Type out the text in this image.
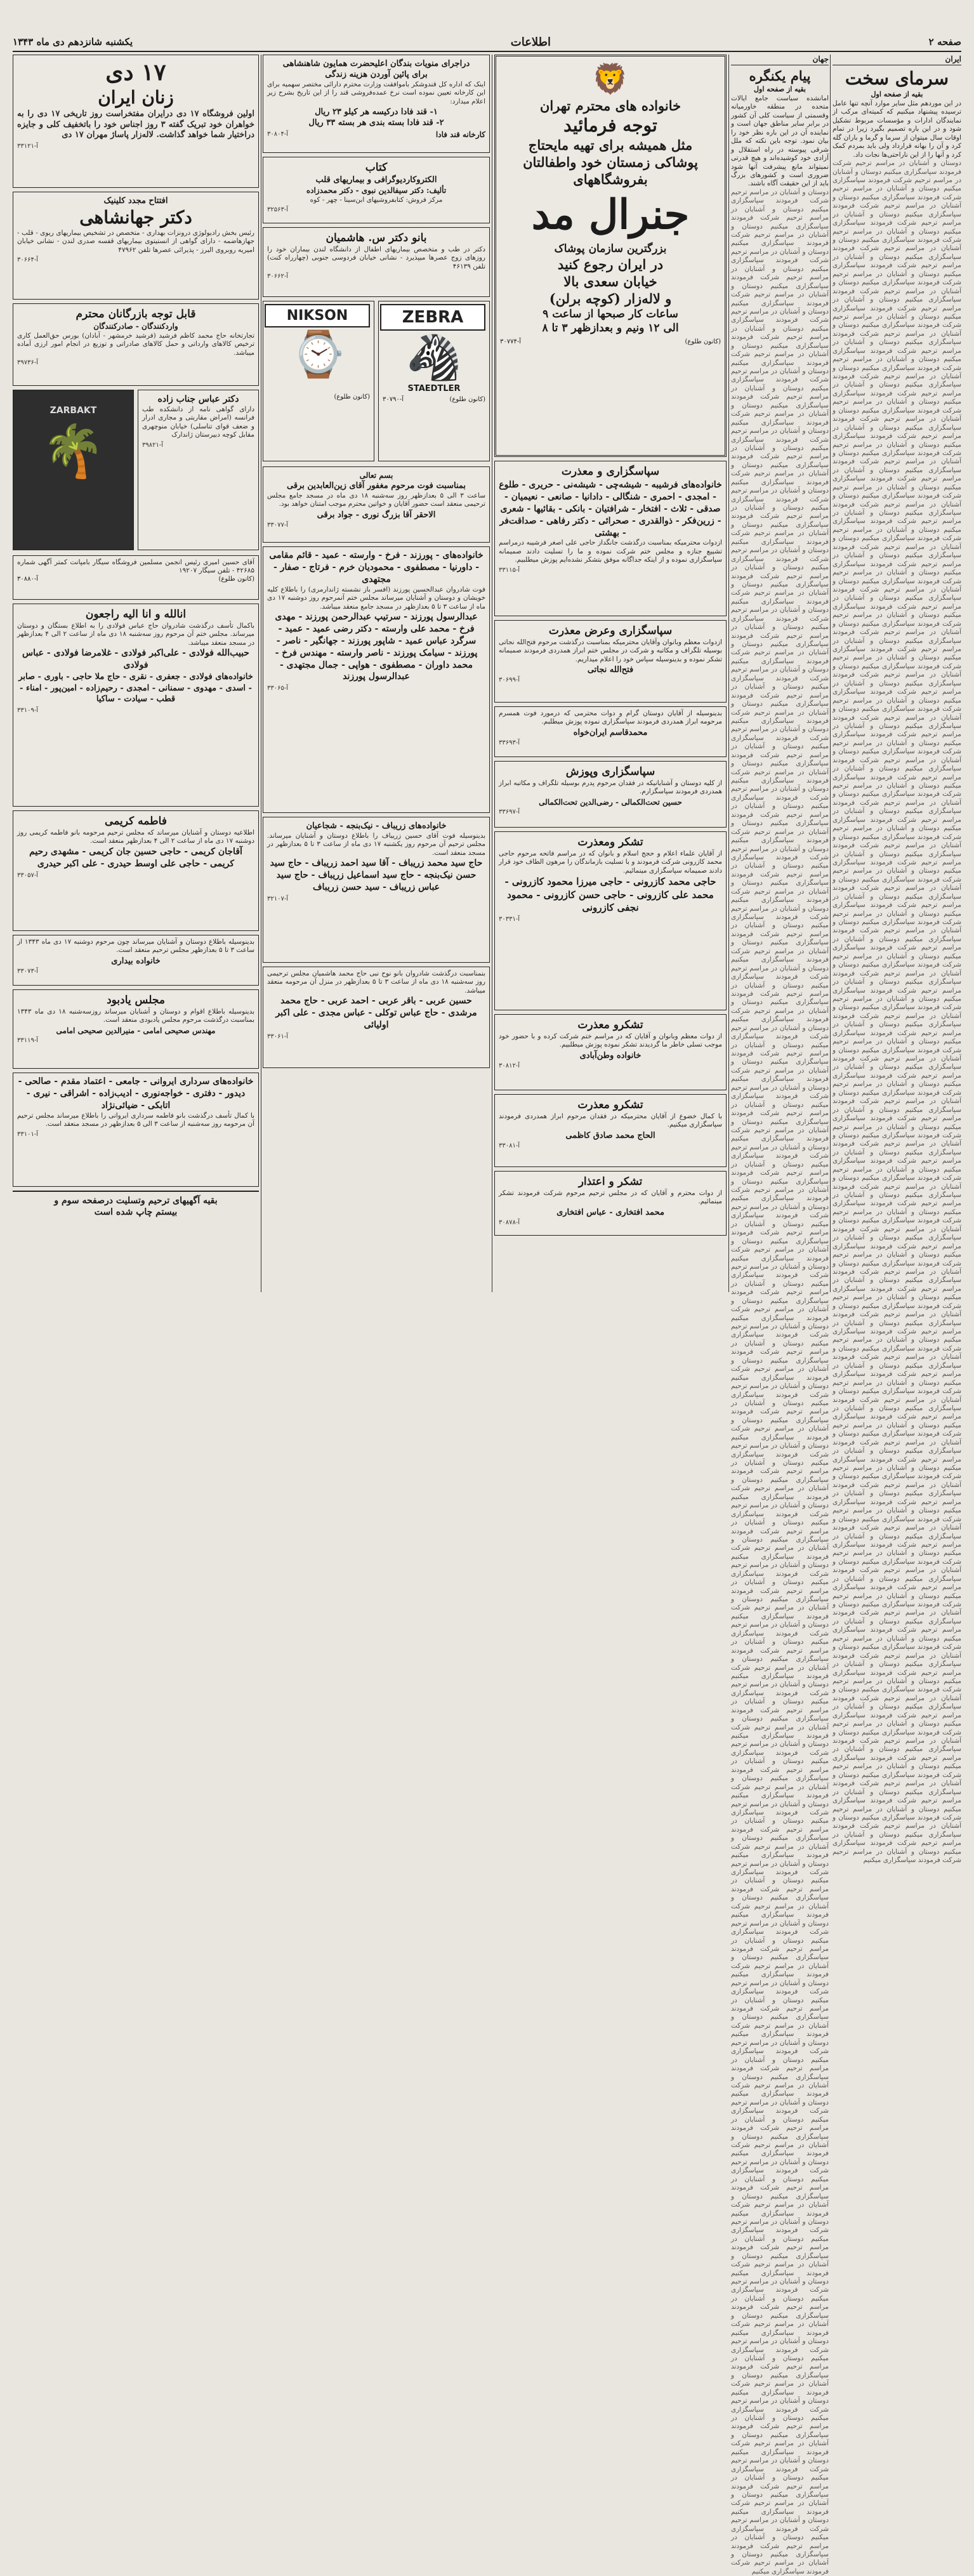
صفحه ۲
اطلاعات
یکشنبه شانزدهم دی ماه ۱۳۴۳
ایران
سرمای سخت
بقیه از صفحه اول
در این موردهم مثل سایر موارد آنچه تنها عامل ترسیده پیشنهاد میکنیم که کمیته‌ای مرکب از نمایندگان ادارات و مؤسسات مربوط تشکیل شود و در این باره تصمیم بگیرد زیرا در تمام اوقات سال میتوان از سرما و گرما و باران گله کرد و آن را بهانه قرارداد ولی باید بمردم کمک کرد و آنها را از این ناراحتی‌ها نجات داد.
دوستان و آشنایان در مراسم ترحیم شرکت فرمودند سپاسگزاری میکنیم دوستان و آشنایان در مراسم ترحیم شرکت فرمودند سپاسگزاری میکنیم دوستان و آشنایان در مراسم ترحیم شرکت فرمودند سپاسگزاری میکنیم دوستان و آشنایان در مراسم ترحیم شرکت فرمودند سپاسگزاری میکنیم دوستان و آشنایان در مراسم ترحیم شرکت فرمودند سپاسگزاری میکنیم دوستان و آشنایان در مراسم ترحیم شرکت فرمودند سپاسگزاری میکنیم دوستان و آشنایان در مراسم ترحیم شرکت فرمودند سپاسگزاری میکنیم دوستان و آشنایان در مراسم ترحیم شرکت فرمودند سپاسگزاری میکنیم دوستان و آشنایان در مراسم ترحیم شرکت فرمودند سپاسگزاری میکنیم دوستان و آشنایان در مراسم ترحیم شرکت فرمودند سپاسگزاری میکنیم دوستان و آشنایان در مراسم ترحیم شرکت فرمودند سپاسگزاری میکنیم دوستان و آشنایان در مراسم ترحیم شرکت فرمودند سپاسگزاری میکنیم دوستان و آشنایان در مراسم ترحیم شرکت فرمودند سپاسگزاری میکنیم دوستان و آشنایان در مراسم ترحیم شرکت فرمودند سپاسگزاری میکنیم دوستان و آشنایان در مراسم ترحیم شرکت فرمودند سپاسگزاری میکنیم دوستان و آشنایان در مراسم ترحیم شرکت فرمودند سپاسگزاری میکنیم دوستان و آشنایان در مراسم ترحیم شرکت فرمودند سپاسگزاری میکنیم دوستان و آشنایان در مراسم ترحیم شرکت فرمودند سپاسگزاری میکنیم دوستان و آشنایان در مراسم ترحیم شرکت فرمودند سپاسگزاری میکنیم دوستان و آشنایان در مراسم ترحیم شرکت فرمودند سپاسگزاری میکنیم دوستان و آشنایان در مراسم ترحیم شرکت فرمودند سپاسگزاری میکنیم دوستان و آشنایان در مراسم ترحیم شرکت فرمودند سپاسگزاری میکنیم دوستان و آشنایان در مراسم ترحیم شرکت فرمودند سپاسگزاری میکنیم دوستان و آشنایان در مراسم ترحیم شرکت فرمودند سپاسگزاری میکنیم دوستان و آشنایان در مراسم ترحیم شرکت فرمودند سپاسگزاری میکنیم دوستان و آشنایان در مراسم ترحیم شرکت فرمودند سپاسگزاری میکنیم دوستان و آشنایان در مراسم ترحیم شرکت فرمودند سپاسگزاری میکنیم دوستان و آشنایان در مراسم ترحیم شرکت فرمودند سپاسگزاری میکنیم دوستان و آشنایان در مراسم ترحیم شرکت فرمودند سپاسگزاری میکنیم دوستان و آشنایان در مراسم ترحیم شرکت فرمودند سپاسگزاری میکنیم دوستان و آشنایان در مراسم ترحیم شرکت فرمودند سپاسگزاری میکنیم دوستان و آشنایان در مراسم ترحیم شرکت فرمودند سپاسگزاری میکنیم دوستان و آشنایان در مراسم ترحیم شرکت فرمودند سپاسگزاری میکنیم دوستان و آشنایان در مراسم ترحیم شرکت فرمودند سپاسگزاری میکنیم دوستان و آشنایان در مراسم ترحیم شرکت فرمودند سپاسگزاری میکنیم دوستان و آشنایان در مراسم ترحیم شرکت فرمودند سپاسگزاری میکنیم دوستان و آشنایان در مراسم ترحیم شرکت فرمودند سپاسگزاری میکنیم دوستان و آشنایان در مراسم ترحیم شرکت فرمودند سپاسگزاری میکنیم دوستان و آشنایان در مراسم ترحیم شرکت فرمودند سپاسگزاری میکنیم دوستان و آشنایان در مراسم ترحیم شرکت فرمودند سپاسگزاری میکنیم دوستان و آشنایان در مراسم ترحیم شرکت فرمودند سپاسگزاری میکنیم دوستان و آشنایان در مراسم ترحیم شرکت فرمودند سپاسگزاری میکنیم دوستان و آشنایان در مراسم ترحیم شرکت فرمودند سپاسگزاری میکنیم دوستان و آشنایان در مراسم ترحیم شرکت فرمودند سپاسگزاری میکنیم دوستان و آشنایان در مراسم ترحیم شرکت فرمودند سپاسگزاری میکنیم دوستان و آشنایان در مراسم ترحیم شرکت فرمودند سپاسگزاری میکنیم دوستان و آشنایان در مراسم ترحیم شرکت فرمودند سپاسگزاری میکنیم دوستان و آشنایان در مراسم ترحیم شرکت فرمودند سپاسگزاری میکنیم دوستان و آشنایان در مراسم ترحیم شرکت فرمودند سپاسگزاری میکنیم دوستان و آشنایان در مراسم ترحیم شرکت فرمودند سپاسگزاری میکنیم دوستان و آشنایان در مراسم ترحیم شرکت فرمودند سپاسگزاری میکنیم دوستان و آشنایان در مراسم ترحیم شرکت فرمودند سپاسگزاری میکنیم دوستان و آشنایان در مراسم ترحیم شرکت فرمودند سپاسگزاری میکنیم دوستان و آشنایان در مراسم ترحیم شرکت فرمودند سپاسگزاری میکنیم دوستان و آشنایان در مراسم ترحیم شرکت فرمودند سپاسگزاری میکنیم دوستان و آشنایان در مراسم ترحیم شرکت فرمودند سپاسگزاری میکنیم دوستان و آشنایان در مراسم ترحیم شرکت فرمودند سپاسگزاری میکنیم دوستان و آشنایان در مراسم ترحیم شرکت فرمودند سپاسگزاری میکنیم دوستان و آشنایان در مراسم ترحیم شرکت فرمودند سپاسگزاری میکنیم دوستان و آشنایان در مراسم ترحیم شرکت فرمودند سپاسگزاری میکنیم دوستان و آشنایان در مراسم ترحیم شرکت فرمودند سپاسگزاری میکنیم دوستان و آشنایان در مراسم ترحیم شرکت فرمودند سپاسگزاری میکنیم دوستان و آشنایان در مراسم ترحیم شرکت فرمودند سپاسگزاری میکنیم دوستان و آشنایان در مراسم ترحیم شرکت فرمودند سپاسگزاری میکنیم دوستان و آشنایان در مراسم ترحیم شرکت فرمودند سپاسگزاری میکنیم دوستان و آشنایان در مراسم ترحیم شرکت فرمودند سپاسگزاری میکنیم دوستان و آشنایان در مراسم ترحیم شرکت فرمودند سپاسگزاری میکنیم دوستان و آشنایان در مراسم ترحیم شرکت فرمودند سپاسگزاری میکنیم دوستان و آشنایان در مراسم ترحیم شرکت فرمودند سپاسگزاری میکنیم دوستان و آشنایان در مراسم ترحیم شرکت فرمودند سپاسگزاری میکنیم دوستان و آشنایان در مراسم ترحیم شرکت فرمودند سپاسگزاری میکنیم دوستان و آشنایان در مراسم ترحیم شرکت فرمودند سپاسگزاری میکنیم دوستان و آشنایان در مراسم ترحیم شرکت فرمودند سپاسگزاری میکنیم دوستان و آشنایان در مراسم ترحیم شرکت فرمودند سپاسگزاری میکنیم دوستان و آشنایان در مراسم ترحیم شرکت فرمودند سپاسگزاری میکنیم دوستان و آشنایان در مراسم ترحیم شرکت فرمودند سپاسگزاری میکنیم دوستان و آشنایان در مراسم ترحیم شرکت فرمودند سپاسگزاری میکنیم دوستان و آشنایان در مراسم ترحیم شرکت فرمودند سپاسگزاری میکنیم دوستان و آشنایان در مراسم ترحیم شرکت فرمودند سپاسگزاری میکنیم دوستان و آشنایان در مراسم ترحیم شرکت فرمودند سپاسگزاری میکنیم دوستان و آشنایان در مراسم ترحیم شرکت فرمودند سپاسگزاری میکنیم دوستان و آشنایان در مراسم ترحیم شرکت فرمودند سپاسگزاری میکنیم دوستان و آشنایان در مراسم ترحیم شرکت فرمودند سپاسگزاری میکنیم دوستان و آشنایان در مراسم ترحیم شرکت فرمودند سپاسگزاری میکنیم دوستان و آشنایان در مراسم ترحیم شرکت فرمودند سپاسگزاری میکنیم دوستان و آشنایان در مراسم ترحیم شرکت فرمودند سپاسگزاری میکنیم دوستان و آشنایان در مراسم ترحیم شرکت فرمودند سپاسگزاری میکنیم دوستان و آشنایان در مراسم ترحیم شرکت فرمودند سپاسگزاری میکنیم دوستان و آشنایان در مراسم ترحیم شرکت فرمودند سپاسگزاری میکنیم دوستان و آشنایان در مراسم ترحیم شرکت فرمودند سپاسگزاری میکنیم دوستان و آشنایان در مراسم ترحیم شرکت فرمودند سپاسگزاری میکنیم دوستان و آشنایان در مراسم ترحیم شرکت فرمودند سپاسگزاری میکنیم دوستان و آشنایان در مراسم ترحیم شرکت فرمودند سپاسگزاری میکنیم دوستان و آشنایان در مراسم ترحیم شرکت فرمودند سپاسگزاری میکنیم دوستان و آشنایان در مراسم ترحیم شرکت فرمودند سپاسگزاری میکنیم دوستان و آشنایان در مراسم ترحیم شرکت فرمودند سپاسگزاری میکنیم دوستان و آشنایان در مراسم ترحیم شرکت فرمودند سپاسگزاری میکنیم دوستان و آشنایان در مراسم ترحیم شرکت فرمودند سپاسگزاری میکنیم دوستان و آشنایان در مراسم ترحیم شرکت فرمودند سپاسگزاری میکنیم دوستان و آشنایان در مراسم ترحیم شرکت فرمودند سپاسگزاری میکنیم دوستان و آشنایان در مراسم ترحیم شرکت فرمودند سپاسگزاری میکنیم دوستان و آشنایان در مراسم ترحیم شرکت فرمودند سپاسگزاری میکنیم دوستان و آشنایان در مراسم ترحیم شرکت فرمودند سپاسگزاری میکنیم دوستان و آشنایان در مراسم ترحیم شرکت فرمودند سپاسگزاری میکنیم دوستان و آشنایان در مراسم ترحیم شرکت فرمودند سپاسگزاری میکنیم دوستان و آشنایان در مراسم ترحیم شرکت فرمودند سپاسگزاری میکنیم دوستان و آشنایان در مراسم ترحیم شرکت فرمودند سپاسگزاری میکنیم دوستان و آشنایان در مراسم ترحیم شرکت فرمودند سپاسگزاری میکنیم دوستان و آشنایان در مراسم ترحیم شرکت فرمودند سپاسگزاری میکنیم دوستان و آشنایان در مراسم ترحیم شرکت فرمودند سپاسگزاری میکنیم دوستان و آشنایان در مراسم ترحیم شرکت فرمودند سپاسگزاری میکنیم دوستان و آشنایان در مراسم ترحیم شرکت فرمودند سپاسگزاری میکنیم دوستان و آشنایان در مراسم ترحیم شرکت فرمودند سپاسگزاری میکنیم دوستان و آشنایان در مراسم ترحیم شرکت فرمودند سپاسگزاری میکنیم دوستان و آشنایان در مراسم ترحیم شرکت فرمودند سپاسگزاری میکنیم دوستان و آشنایان در مراسم ترحیم شرکت فرمودند سپاسگزاری میکنیم دوستان و آشنایان در مراسم ترحیم شرکت فرمودند سپاسگزاری میکنیم دوستان و آشنایان در مراسم ترحیم شرکت فرمودند سپاسگزاری میکنیم دوستان و آشنایان در مراسم ترحیم شرکت فرمودند سپاسگزاری میکنیم دوستان و آشنایان در مراسم ترحیم شرکت فرمودند سپاسگزاری میکنیم
جهان
پیام یکنگره
بقیه از صفحه اول
امانشده سیاست جامع ایالات متحده در منطقه خاورمیانه وقسمتی از سیاست کلی آن کشور در برابر سایر مناطق جهان است و نماینده آن در این باره نظر خود را بیان نمود. توجه باین نکته که ملل شرقی پیوسته در راه استقلال و آزادی خود کوشیده‌اند و هیچ قدرتی نمیتواند مانع پیشرفت آنها شود ضروری است و کشورهای بزرگ باید از این حقیقت آگاه باشند.
دوستان و آشنایان در مراسم ترحیم شرکت فرمودند سپاسگزاری میکنیم دوستان و آشنایان در مراسم ترحیم شرکت فرمودند سپاسگزاری میکنیم دوستان و آشنایان در مراسم ترحیم شرکت فرمودند سپاسگزاری میکنیم دوستان و آشنایان در مراسم ترحیم شرکت فرمودند سپاسگزاری میکنیم دوستان و آشنایان در مراسم ترحیم شرکت فرمودند سپاسگزاری میکنیم دوستان و آشنایان در مراسم ترحیم شرکت فرمودند سپاسگزاری میکنیم دوستان و آشنایان در مراسم ترحیم شرکت فرمودند سپاسگزاری میکنیم دوستان و آشنایان در مراسم ترحیم شرکت فرمودند سپاسگزاری میکنیم دوستان و آشنایان در مراسم ترحیم شرکت فرمودند سپاسگزاری میکنیم دوستان و آشنایان در مراسم ترحیم شرکت فرمودند سپاسگزاری میکنیم دوستان و آشنایان در مراسم ترحیم شرکت فرمودند سپاسگزاری میکنیم دوستان و آشنایان در مراسم ترحیم شرکت فرمودند سپاسگزاری میکنیم دوستان و آشنایان در مراسم ترحیم شرکت فرمودند سپاسگزاری میکنیم دوستان و آشنایان در مراسم ترحیم شرکت فرمودند سپاسگزاری میکنیم دوستان و آشنایان در مراسم ترحیم شرکت فرمودند سپاسگزاری میکنیم دوستان و آشنایان در مراسم ترحیم شرکت فرمودند سپاسگزاری میکنیم دوستان و آشنایان در مراسم ترحیم شرکت فرمودند سپاسگزاری میکنیم دوستان و آشنایان در مراسم ترحیم شرکت فرمودند سپاسگزاری میکنیم دوستان و آشنایان در مراسم ترحیم شرکت فرمودند سپاسگزاری میکنیم دوستان و آشنایان در مراسم ترحیم شرکت فرمودند سپاسگزاری میکنیم دوستان و آشنایان در مراسم ترحیم شرکت فرمودند سپاسگزاری میکنیم دوستان و آشنایان در مراسم ترحیم شرکت فرمودند سپاسگزاری میکنیم دوستان و آشنایان در مراسم ترحیم شرکت فرمودند سپاسگزاری میکنیم دوستان و آشنایان در مراسم ترحیم شرکت فرمودند سپاسگزاری میکنیم دوستان و آشنایان در مراسم ترحیم شرکت فرمودند سپاسگزاری میکنیم دوستان و آشنایان در مراسم ترحیم شرکت فرمودند سپاسگزاری میکنیم دوستان و آشنایان در مراسم ترحیم شرکت فرمودند سپاسگزاری میکنیم دوستان و آشنایان در مراسم ترحیم شرکت فرمودند سپاسگزاری میکنیم دوستان و آشنایان در مراسم ترحیم شرکت فرمودند سپاسگزاری میکنیم دوستان و آشنایان در مراسم ترحیم شرکت فرمودند سپاسگزاری میکنیم دوستان و آشنایان در مراسم ترحیم شرکت فرمودند سپاسگزاری میکنیم دوستان و آشنایان در مراسم ترحیم شرکت فرمودند سپاسگزاری میکنیم دوستان و آشنایان در مراسم ترحیم شرکت فرمودند سپاسگزاری میکنیم دوستان و آشنایان در مراسم ترحیم شرکت فرمودند سپاسگزاری میکنیم دوستان و آشنایان در مراسم ترحیم شرکت فرمودند سپاسگزاری میکنیم دوستان و آشنایان در مراسم ترحیم شرکت فرمودند سپاسگزاری میکنیم دوستان و آشنایان در مراسم ترحیم شرکت فرمودند سپاسگزاری میکنیم دوستان و آشنایان در مراسم ترحیم شرکت فرمودند سپاسگزاری میکنیم دوستان و آشنایان در مراسم ترحیم شرکت فرمودند سپاسگزاری میکنیم دوستان و آشنایان در مراسم ترحیم شرکت فرمودند سپاسگزاری میکنیم دوستان و آشنایان در مراسم ترحیم شرکت فرمودند سپاسگزاری میکنیم دوستان و آشنایان در مراسم ترحیم شرکت فرمودند سپاسگزاری میکنیم دوستان و آشنایان در مراسم ترحیم شرکت فرمودند سپاسگزاری میکنیم دوستان و آشنایان در مراسم ترحیم شرکت فرمودند سپاسگزاری میکنیم دوستان و آشنایان در مراسم ترحیم شرکت فرمودند سپاسگزاری میکنیم دوستان و آشنایان در مراسم ترحیم شرکت فرمودند سپاسگزاری میکنیم دوستان و آشنایان در مراسم ترحیم شرکت فرمودند سپاسگزاری میکنیم دوستان و آشنایان در مراسم ترحیم شرکت فرمودند سپاسگزاری میکنیم دوستان و آشنایان در مراسم ترحیم شرکت فرمودند سپاسگزاری میکنیم دوستان و آشنایان در مراسم ترحیم شرکت فرمودند سپاسگزاری میکنیم دوستان و آشنایان در مراسم ترحیم شرکت فرمودند سپاسگزاری میکنیم دوستان و آشنایان در مراسم ترحیم شرکت فرمودند سپاسگزاری میکنیم دوستان و آشنایان در مراسم ترحیم شرکت فرمودند سپاسگزاری میکنیم دوستان و آشنایان در مراسم ترحیم شرکت فرمودند سپاسگزاری میکنیم دوستان و آشنایان در مراسم ترحیم شرکت فرمودند سپاسگزاری میکنیم دوستان و آشنایان در مراسم ترحیم شرکت فرمودند سپاسگزاری میکنیم دوستان و آشنایان در مراسم ترحیم شرکت فرمودند سپاسگزاری میکنیم دوستان و آشنایان در مراسم ترحیم شرکت فرمودند سپاسگزاری میکنیم دوستان و آشنایان در مراسم ترحیم شرکت فرمودند سپاسگزاری میکنیم دوستان و آشنایان در مراسم ترحیم شرکت فرمودند سپاسگزاری میکنیم دوستان و آشنایان در مراسم ترحیم شرکت فرمودند سپاسگزاری میکنیم دوستان و آشنایان در مراسم ترحیم شرکت فرمودند سپاسگزاری میکنیم دوستان و آشنایان در مراسم ترحیم شرکت فرمودند سپاسگزاری میکنیم دوستان و آشنایان در مراسم ترحیم شرکت فرمودند سپاسگزاری میکنیم دوستان و آشنایان در مراسم ترحیم شرکت فرمودند سپاسگزاری میکنیم دوستان و آشنایان در مراسم ترحیم شرکت فرمودند سپاسگزاری میکنیم دوستان و آشنایان در مراسم ترحیم شرکت فرمودند سپاسگزاری میکنیم دوستان و آشنایان در مراسم ترحیم شرکت فرمودند سپاسگزاری میکنیم دوستان و آشنایان در مراسم ترحیم شرکت فرمودند سپاسگزاری میکنیم دوستان و آشنایان در مراسم ترحیم شرکت فرمودند سپاسگزاری میکنیم دوستان و آشنایان در مراسم ترحیم شرکت فرمودند سپاسگزاری میکنیم دوستان و آشنایان در مراسم ترحیم شرکت فرمودند سپاسگزاری میکنیم دوستان و آشنایان در مراسم ترحیم شرکت فرمودند سپاسگزاری میکنیم دوستان و آشنایان در مراسم ترحیم شرکت فرمودند سپاسگزاری میکنیم دوستان و آشنایان در مراسم ترحیم شرکت فرمودند سپاسگزاری میکنیم دوستان و آشنایان در مراسم ترحیم شرکت فرمودند سپاسگزاری میکنیم دوستان و آشنایان در مراسم ترحیم شرکت فرمودند سپاسگزاری میکنیم دوستان و آشنایان در مراسم ترحیم شرکت فرمودند سپاسگزاری میکنیم دوستان و آشنایان در مراسم ترحیم شرکت فرمودند سپاسگزاری میکنیم دوستان و آشنایان در مراسم ترحیم شرکت فرمودند سپاسگزاری میکنیم دوستان و آشنایان در مراسم ترحیم شرکت فرمودند سپاسگزاری میکنیم دوستان و آشنایان در مراسم ترحیم شرکت فرمودند سپاسگزاری میکنیم دوستان و آشنایان در مراسم ترحیم شرکت فرمودند سپاسگزاری میکنیم دوستان و آشنایان در مراسم ترحیم شرکت فرمودند سپاسگزاری میکنیم دوستان و آشنایان در مراسم ترحیم شرکت فرمودند سپاسگزاری میکنیم دوستان و آشنایان در مراسم ترحیم شرکت فرمودند سپاسگزاری میکنیم دوستان و آشنایان در مراسم ترحیم شرکت فرمودند سپاسگزاری میکنیم دوستان و آشنایان در مراسم ترحیم شرکت فرمودند سپاسگزاری میکنیم دوستان و آشنایان در مراسم ترحیم شرکت فرمودند سپاسگزاری میکنیم دوستان و آشنایان در مراسم ترحیم شرکت فرمودند سپاسگزاری میکنیم دوستان و آشنایان در مراسم ترحیم شرکت فرمودند سپاسگزاری میکنیم دوستان و آشنایان در مراسم ترحیم شرکت فرمودند سپاسگزاری میکنیم دوستان و آشنایان در مراسم ترحیم شرکت فرمودند سپاسگزاری میکنیم دوستان و آشنایان در مراسم ترحیم شرکت فرمودند سپاسگزاری میکنیم دوستان و آشنایان در مراسم ترحیم شرکت فرمودند سپاسگزاری میکنیم دوستان و آشنایان در مراسم ترحیم شرکت فرمودند سپاسگزاری میکنیم دوستان و آشنایان در مراسم ترحیم شرکت فرمودند سپاسگزاری میکنیم دوستان و آشنایان در مراسم ترحیم شرکت فرمودند سپاسگزاری میکنیم دوستان و آشنایان در مراسم ترحیم شرکت فرمودند سپاسگزاری میکنیم دوستان و آشنایان در مراسم ترحیم شرکت فرمودند سپاسگزاری میکنیم دوستان و آشنایان در مراسم ترحیم شرکت فرمودند سپاسگزاری میکنیم دوستان و آشنایان در مراسم ترحیم شرکت فرمودند سپاسگزاری میکنیم دوستان و آشنایان در مراسم ترحیم شرکت فرمودند سپاسگزاری میکنیم دوستان و آشنایان در مراسم ترحیم شرکت فرمودند سپاسگزاری میکنیم دوستان و آشنایان در مراسم ترحیم شرکت فرمودند سپاسگزاری میکنیم دوستان و آشنایان در مراسم ترحیم شرکت فرمودند سپاسگزاری میکنیم دوستان و آشنایان در مراسم ترحیم شرکت فرمودند سپاسگزاری میکنیم دوستان و آشنایان در مراسم ترحیم شرکت فرمودند سپاسگزاری میکنیم دوستان و آشنایان در مراسم ترحیم شرکت فرمودند سپاسگزاری میکنیم دوستان و آشنایان در مراسم ترحیم شرکت فرمودند سپاسگزاری میکنیم دوستان و آشنایان در مراسم ترحیم شرکت فرمودند سپاسگزاری میکنیم دوستان و آشنایان در مراسم ترحیم شرکت فرمودند سپاسگزاری میکنیم دوستان و آشنایان در مراسم ترحیم شرکت فرمودند سپاسگزاری میکنیم دوستان و آشنایان در مراسم ترحیم شرکت فرمودند سپاسگزاری میکنیم دوستان و آشنایان در مراسم ترحیم شرکت فرمودند سپاسگزاری میکنیم دوستان و آشنایان در مراسم ترحیم شرکت فرمودند سپاسگزاری میکنیم دوستان و آشنایان در مراسم ترحیم شرکت فرمودند سپاسگزاری میکنیم دوستان و آشنایان در مراسم ترحیم شرکت فرمودند سپاسگزاری میکنیم دوستان و آشنایان در مراسم ترحیم شرکت فرمودند سپاسگزاری میکنیم دوستان و آشنایان در مراسم ترحیم شرکت فرمودند سپاسگزاری میکنیم
🦁
خانواده های محترم تهران
توجه فرمائید
مثل همیشه برای تهیه مایحتاج
پوشاکی زمستان خود واطفالتان
بفروشگاههای
جنرال مد
بزرگترین سازمان پوشاک
در ایران رجوع کنید
خیابان سعدی بالا
و لاله‌زار (کوچه برلن)
ساعات کار صبحها از ساعت ۹
الی ۱۲ ونیم و بعدازظهر ۳ تا ۸
(کانون طلوع)
آ-۳۰۷۷۴
سپاسگزاری و معذرت
خانواده‌های فرشیبه - شیشه‌چی - شیشه‌نی - حریری - طلوع - امجدی - احمری - شنگالی - دادانیا - صانعی - نعیمیان - صدقی - ثلاث - افتخار - شرافتیان - بانکی - بقائیها - شعری - زرین‌فکر - ذوالقدری - صحرائی - دکتر رفاهی - صداقت‌فر - بهشتی
ازدوات محترمیکه بمناسبت درگذشت جانگداز حاجی علی اصغر فرشیبه درمراسم تشییع جنازه و مجلس ختم شرکت نموده و ما را تسلیت دادند صمیمانه سپاسگزاری نموده و از اینکه جداگانه موفق بتشکر نشده‌ایم پوزش میطلبیم.
آ-۳۳۱۱۵
سپاسگزاری وعرض معذرت
ازدوات معظم وبانوان وآقایان محترمیکه بمناسبت درگذشت مرحوم فتح‌الله نجاتی بوسیله تلگراف و مکاتبه و شرکت در مجلس ختم ابراز همدردی فرمودند صمیمانه تشکر نموده و بدینوسیله سپاس خود را اعلام میداریم.
فتح‌الله نجاتی
آ-۳۰۶۹۹
بدینوسیله از آقایان دوستان گرام و دوات محترمی که درمورد فوت همسرم مرحومه ابراز همدردی فرمودند سپاسگزاری نموده پوزش میطلبم.
محمدقاسم ایران‌خواه
آ-۳۳۶۹۳
سپاسگزاری وپوزش
از کلیه دوستان و آشنایانیکه در فقدان مرحوم پدرم بوسیله تلگراف و مکاتبه ابراز همدردی فرمودند سپاسگزارم.
حسین تحت‌الکمالی - رضی‌الدین تحت‌الکمالی
آ-۳۳۶۹۷
تشکر ومعذرت
از آقایان علماء اعلام و حجج اسلام و بانوان که در مراسم فاتحه مرحوم حاجی محمد کازرونی شرکت فرمودند و با تسلیت بازماندگان را مرهون الطاف خود قرار دادند صمیمانه سپاسگزاری مینمائیم.
حاجی محمد کازرونی - حاجی میرزا محمود کازرونی - محمد علی کازرونی - حاجی حسن کازرونی - محمود نجفی کازرونی
آ-۳۰۳۳۱
تشکرو معذرت
از دوات معظم وبانوان و آقایان که در مراسم ختم شرکت کرده و با حضور خود موجب تسلی خاطر ما گردیدند تشکر نموده پوزش میطلبیم.
خانواده وطن‌آبادی
آ-۳۰۸۱۲
تشکرو معذرت
با کمال خضوع از آقایان محترمیکه در فقدان مرحوم ابراز همدردی فرمودند سپاسگزاری میکنیم.
الحاج محمد صادق کاظمی
آ-۳۳۰۸۱
تشکر و اعتذار
از دوات محترم و آقایان که در مجلس ترحیم مرحوم شرکت فرمودند تشکر مینمائیم.
محمد افتخاری - عباس افتخاری
آ-۳۰۸۷۸
دراجرای منویات بندگان اعلیحضرت همایون شاهنشاهی
برای پائین آوردن هزینه زندگی
اینک که اداره کل قندوشکر باموافقت وزارت محترم دارائی مختصر سهمیه برای این کارخانه تعیین نموده است نرخ عمده‌فروشی قند را از این تاریخ بشرح زیر اعلام میدارد:
۱- قند فادا درکیسه هر کیلو ۲۳ ریال
۲- قند فادا بسته بندی هر بسته ۳۳ ریال
کارخانه قند فادا
آ-۳۰۸۰۴
کتاب
الکتروکاردیوگرافی و بیماریهای قلب
تألیف: دکتر سیفالدین نبوی - دکتر محمدزاده
مرکز فروش: کتابفروشیهای ابن‌سینا - چهر - کوه
آ-۳۲۵۶۳
بانو دکتر س. هاشمیان
دکتر در طب و متخصص بیماریهای اطفال از دانشگاه لندن بیماران خود را روزهای زوج عصرها میپذیرد - نشانی خیابان فردوسی جنوبی (چهارراه کنت) تلفن ۴۶۱۳۹
آ-۳۰۶۶۲
ZEBRA
🦓
STAEDTLER
(کانون طلوع)
آ-۳۰۷۹۰
NIKSON
⌚
(کانون طلوع)
بسم تعالی
بمناسبت فوت مرحوم مغفور آقای زین‌العابدین برقی
ساعت ۳ الی ۵ بعدازظهر روز سه‌شنبه ۱۸ دی ماه در مسجد جامع مجلس ترحیمی منعقد است حضور آقایان و خواتین محترم موجب امتنان خواهد بود.
الاحقر آقا بزرگ نوری - جواد برقی
آ-۳۳۰۷۷
خانواده‌های - پورزند - فرخ - وارسته - عمید - قائم مقامی - داورنیا - مصطفوی - محمودیان خرم - فرتاج - صفار - مجتهدی
فوت شادروان عبدالحسین پورزند (افسر باز نشسته ژاندارمری) را باطلاع کلیه خویشان و دوستان و آشنایان میرساند مجلس ختم آنمرحوم روز دوشنبه ۱۷ دی ماه از ساعت ۳ تا ۵ بعدازظهر در مسجد جامع منعقد میباشد.
عبدالرسول پورزند - سرتیپ عبدالرحمن پورزند - مهدی فرخ - محمد علی وارسته - دکتر رضی عمید - عمید - سرگرد عباس عمید - شاپور پورزند - جهانگیر - ناصر - پورزند - سیامک پورزند - ناصر وارسته - مهندس فرخ - محمد داوران - مصطفوی - هواپی - جمال مجتهدی - عبدالرسول پورزند
آ-۳۳۰۶۵
خانواده‌های زریباف - نیک‌بنجه - شجاعیان
بدینوسیله فوت آقای حسین زریباف را باطلاع دوستان و آشنایان میرساند. مجلس ترحیم آن مرحوم روز یکشنبه ۱۷ دی ماه از ساعت ۳ تا ۵ بعدازظهر در مسجد منعقد است.
حاج سید محمد زریباف - آقا سید احمد زریباف - حاج سید حسن نیک‌بنجه - حاج سید اسماعیل زریباف - حاج سید عباس زریباف - سید حسن زریباف
آ-۳۲۱۰۷
بنمناسبت درگذشت شادروان بانو نوح نبی حاج محمد هاشمیان مجلس ترحیمی روز سه‌شنبه ۱۸ دی ماه از ساعت ۳ تا ۵ بعدازظهر در منزل آن مرحومه منعقد میباشد.
حسین عربی - باقر عربی - احمد عربی - حاج محمد مرشدی - حاج عباس توکلی - عباس مجدی - علی اکبر اولیائی
آ-۳۳۰۶۱
۱۷ دی
زنان ایران
اولین فروشگاه ۱۷ دی درایران مفتخراست روز تاریخی ۱۷ دی را به خواهران خود تبریک گفته ۳ روز اجناس خود را باتخفیف کلی و جایزه دراختیار شما خواهد گذاشت. لاله‌زار پاساژ مهران ۱۷ دی
آ-۳۳۱۲۱
افتتاح مجدد کلینیک
دکتر جهانشاهی
رئیس بخش رادیولوژی درونزات بهداری - متخصص در تشخیص بیماریهای ریوی - قلب - جهازهاضمه - دارای گواهی از انستیتوی بیماریهای قفسه صدری لندن - نشانی خیابان امیریه روبروی البرز - پذیرائی عصرها تلفن ۴۷۹۶۲
آ-۳۰۶۶۴
قابل توجه بازرگانان محترم
واردکنندگان - صادرکنندگان
تجارتخانه حاج محمد کاظم فرشید (فرشید خرمشهر - آبادان) بورس حق‌العمل کاری ترخیص کالاهای وارداتی و حمل کالاهای صادراتی و توزیع در انجام امور ارزی آماده میباشد.
آ-۳۹۷۳۶
دکتر عباس جناب زاده
دارای گواهی نامه از دانشکده طب فرانسه (امراض مقاربتی و مجاری ادرار و ضعف قوای تناسلی) خیابان منوچهری مقابل کوچه دبیرستان ژاندارک
آ-۳۹۸۲۱
ZARBAKT
🌴
آقای حسین امیری رئیس انجمن مسلمین فروشگاه سیگار بامپانت کمتر آگهی شماره ۴۲۶۸۵ - تلفن سیگار ۱۹۲۰۷
(کانون طلوع)
آ-۳۰۸۸۰
انالله و انا الیه راجعون
باکمال تأسف درگذشت شادروان حاج عباس فولادی را به اطلاع بستگان و دوستان میرساند. مجلس ختم آن مرحوم روز سه‌شنبه ۱۸ دی ماه از ساعت ۲ الی ۴ بعدازظهر در مسجد منعقد میباشد.
حبیب‌الله فولادی - علی‌اکبر فولادی - غلامرضا فولادی - عباس فولادی
خانواده‌های فولادی - جعفری - نقری - حاج ملا حاجی - باوری - صابر - اسدی - مهدوی - سمنانی - امجدی - رحیم‌زاده - امین‌پور - امناء - قطب - سیادت - ساکیا
آ-۳۳۱۰۹
فاطمه کریمی
اطلاعیه دوستان و آشنایان میرساند که مجلس ترحیم مرحومه بانو فاطمه کریمی روز دوشنبه ۱۷ دی ماه از ساعت ۲ الی ۴ بعدازظهر منعقد است.
آقاجان کریمی - حاجی حسین جان کریمی - مشهدی رحیم کریمی - حاجی علی اوسط حیدری - علی اکبر حیدری
آ-۳۳۰۵۷
بدینوسیله باطلاع دوستان و آشنایان میرساند چون مرحوم دوشنبه ۱۷ دی ماه ۱۳۴۳ از ساعت ۳ تا ۵ بعدازظهر مجلس ترحیم منعقد است.
خانواده بیداری
آ-۳۳۰۷۳
مجلس یادبود
بدینوسیله باطلاع اقوام و دوستان و آشنایان میرساند روزسه‌شنبه ۱۸ دی ماه ۱۳۴۳ بمناسبت درگذشت مرحوم مجلس یادبودی منعقد است.
مهندس صحیحی امامی - منیرالدین صحیحی امامی
آ-۳۳۱۱۹
خانواده‌های سرداری ایروانی - جامعی - اعتماد مقدم - صالحی - دیدور - دفتری - خواجه‌نوری - ادیب‌زاده - اشراقی - نیری - اتابکی - ضیائی‌نژاد
با کمال تأسف درگذشت بانو فاطمه سرداری ایروانی را باطلاع میرساند مجلس ترحیم آن مرحومه روز سه‌شنبه از ساعت ۳ الی ۵ بعدازظهر در مسجد منعقد است.
آ-۳۳۱۰۱
بقیه آگهیهای ترحیم وتسلیت درصفحه سوم و
بیستم چاپ شده است
